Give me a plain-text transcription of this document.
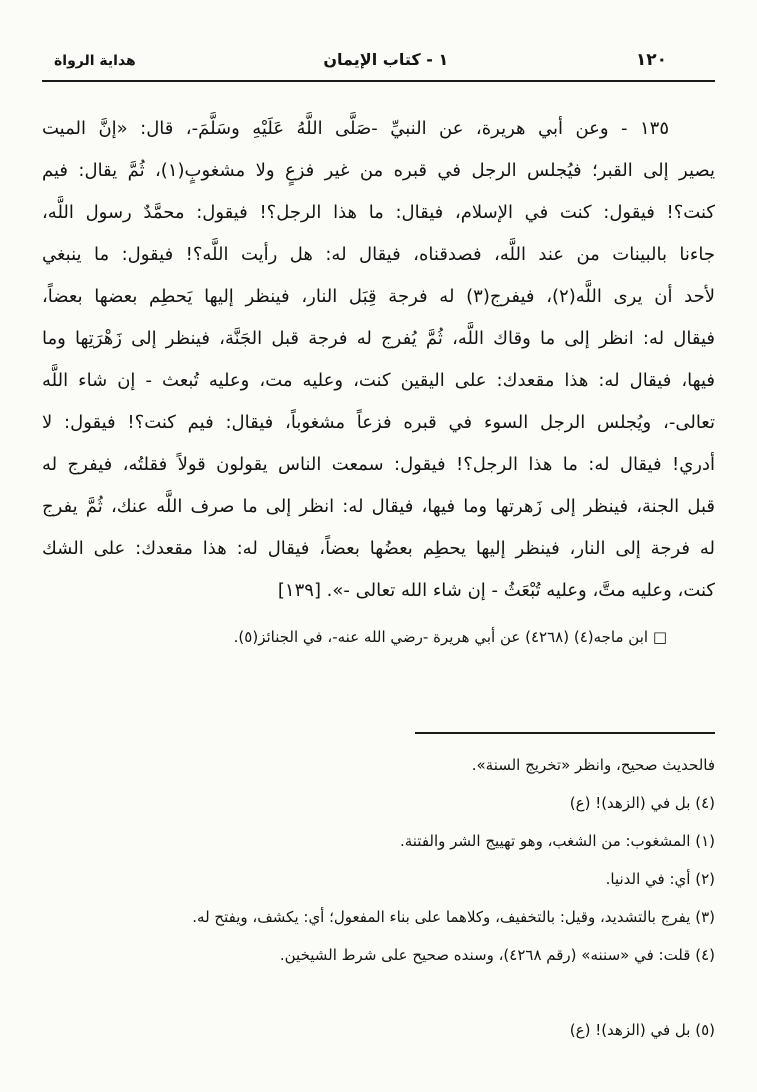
١٢٠
١ - كتاب الإيمان
هداية الرواة

١٣٥ - وعن أبي هريرة، عن النبيِّ -صَلَّى اللَّهُ عَلَيْهِ وسَلَّمَ-، قال: «إنَّ الميت

يصير إلى القبر؛ فيُجلس الرجل في قبره من غير فزعٍ ولا مشغوبٍ(١)، ثُمَّ يقال: فيم

كنت؟! فيقول: كنت في الإسلام، فيقال: ما هذا الرجل؟! فيقول: محمَّدٌ رسول اللَّه،

جاءنا بالبينات من عند اللَّه، فصدقناه، فيقال له: هل رأيت اللَّه؟! فيقول: ما ينبغي

لأحد أن يرى اللَّه(٢)، فيفرج(٣) له فرجة قِبَل النار، فينظر إليها يَحطِم بعضها بعضاً،

فيقال له: انظر إلى ما وقاك اللَّه، ثُمَّ يُفرج له فرجة قبل الجَنَّة، فينظر إلى زَهْرَتِها وما

فيها، فيقال له: هذا مقعدك: على اليقين كنت، وعليه مت، وعليه تُبعث - إن شاء اللَّه

تعالى-، ويُجلس الرجل السوء في قبره فزعاً مشغوباً، فيقال: فيم كنت؟! فيقول: لا

أدري! فيقال له: ما هذا الرجل؟! فيقول: سمعت الناس يقولون قولاً فقلتُه، فيفرج له

قبل الجنة، فينظر إلى زَهرتها وما فيها، فيقال له: انظر إلى ما صرف اللَّه عنك، ثُمَّ يفرج

له فرجة إلى النار، فينظر إليها يحطِم بعضُها بعضاً، فيقال له: هذا مقعدك: على الشك

كنت، وعليه متَّ، وعليه تُبْعَثُ - إن شاء الله تعالى -». [١٣٩]

□ ابن ماجه(٤) (٤٢٦٨) عن أبي هريرة -رضي الله عنه-، في الجنائز(٥).

فالحديث صحيح، وانظر «تخريج السنة».

(٤) بل في (الزهد)! (ع)

(١) المشغوب: من الشغب، وهو تهييج الشر والفتنة.

(٢) أي: في الدنيا.

(٣) يفرج بالتشديد، وقيل: بالتخفيف، وكلاهما على بناء المفعول؛ أي: يكشف، ويفتح له.

(٤) قلت: في «سننه» (رقم ٤٢٦٨)، وسنده صحيح على شرط الشيخين.

(٥) بل في (الزهد)! (ع)
